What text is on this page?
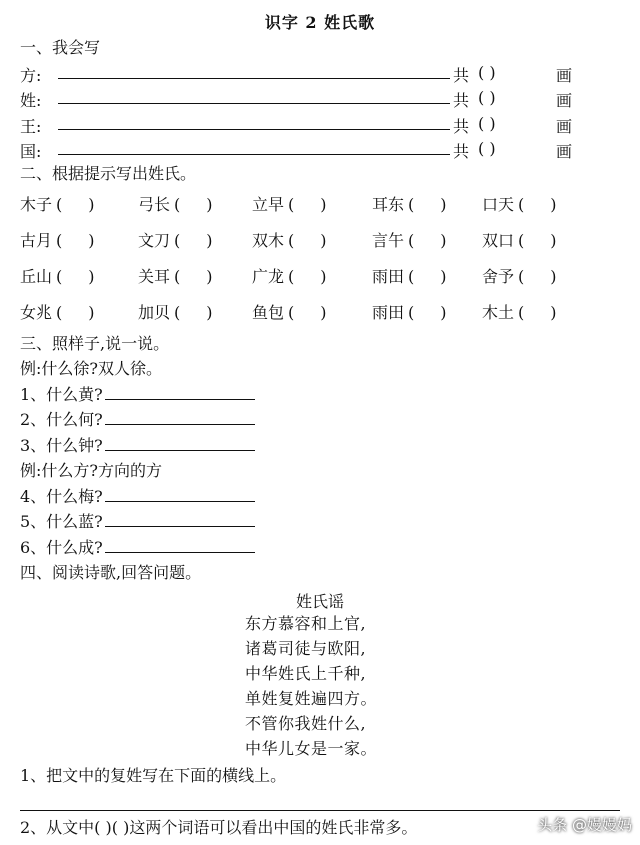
识字 2 姓氏歌
一、我会写
方:	共 ( )	画
姓:	共 ( )	画
王:	共 ( )	画
国:	共 ( )	画
二、根据提示写出姓氏。
木子 ( )	弓长 ( ) 立早 ( )	耳东 ( ) 口天 ( )
古月 ( )	文刀 ( ) 双木 ( )	言午 ( ) 双口 ( )
丘山 ( )	关耳 ( ) 广龙 ( )	雨田 ( ) 舍予 ( )
女兆 ( )	加贝 ( ) 鱼包 ( )	雨田 ( ) 木土 ( )
三、照样子,说一说。
例:什么徐?双人徐。
1、什么黄?
2、什么何?
3、什么钟?
例:什么方?方向的方
4、什么梅?
5、什么蓝?
6、什么成?
四、阅读诗歌,回答问题。
姓氏谣
东方慕容和上官,
诸葛司徒与欧阳,
中华姓氏上千种,
单姓复姓遍四方。
不管你我姓什么,
中华儿女是一家。
1、把文中的复姓写在下面的横线上。
2、从文中( )( )这两个词语可以看出中国的姓氏非常多。	头条 @嫚嫚妈
